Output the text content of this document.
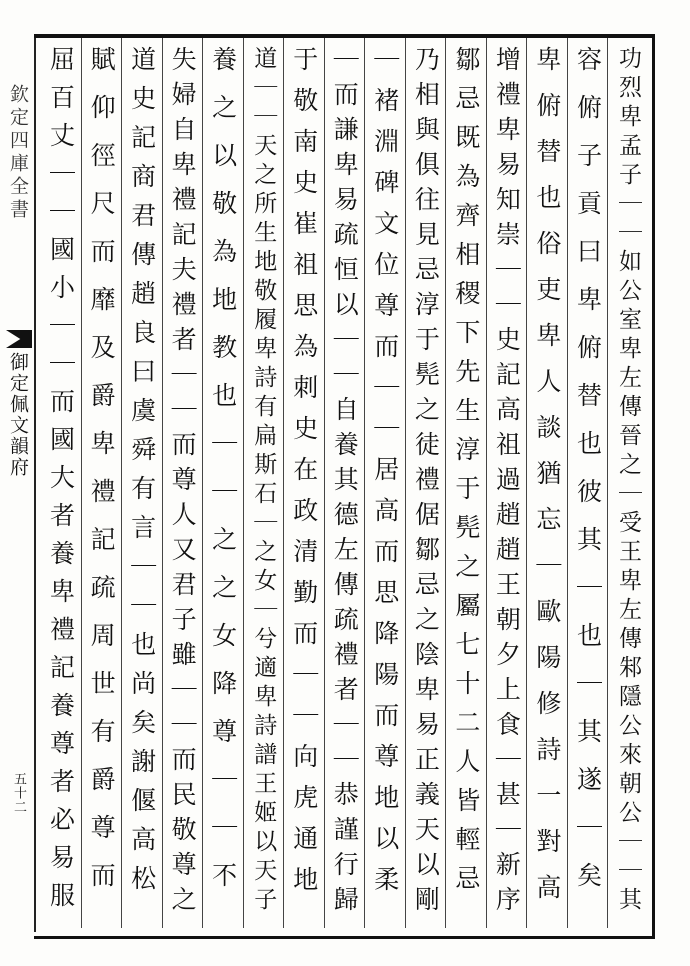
欽定四庫全書
御定佩文韻府
五十二	功烈卑孟子｜｜如公室卑左傳晉之｜受王卑左傳邾隱公來朝公｜｜其
容俯子貢曰卑俯替也彼其｜也｜其遂｜矣
卑俯替也俗吏卑人談猶忘｜歐陽修詩一對高
增禮卑易知崇｜｜史記高祖過趙趙王朝夕上食｜甚｜新序
鄒忌既為齊相稷下先生淳于髡之屬七十二人皆輕忌
乃相與俱往見忌淳于髡之徒禮倨鄒忌之陰卑易正義天以剛
｜褚淵碑文位尊而｜｜居高而思降陽而尊地以柔
｜而謙卑易疏恒以｜｜自養其德左傳疏禮者｜｜恭謹行歸
于敬南史崔祖思為刺史在政清勤而｜｜向虎通地
道｜｜天之所生地敬履卑詩有扁斯石｜之女｜兮適卑詩譜王姬以天子
養之以敬為地教也｜｜之之女降尊｜｜不
失婦自卑禮記夫禮者｜｜而尊人又君子雖｜｜而民敬尊之
道史記商君傳趙良曰虞舜有言｜｜也尚矣謝偃高松
賦仰徑尺而靡及爵卑禮記疏周世有爵尊而
屈百丈｜｜國小｜｜而國大者養卑禮記養尊者必易服
